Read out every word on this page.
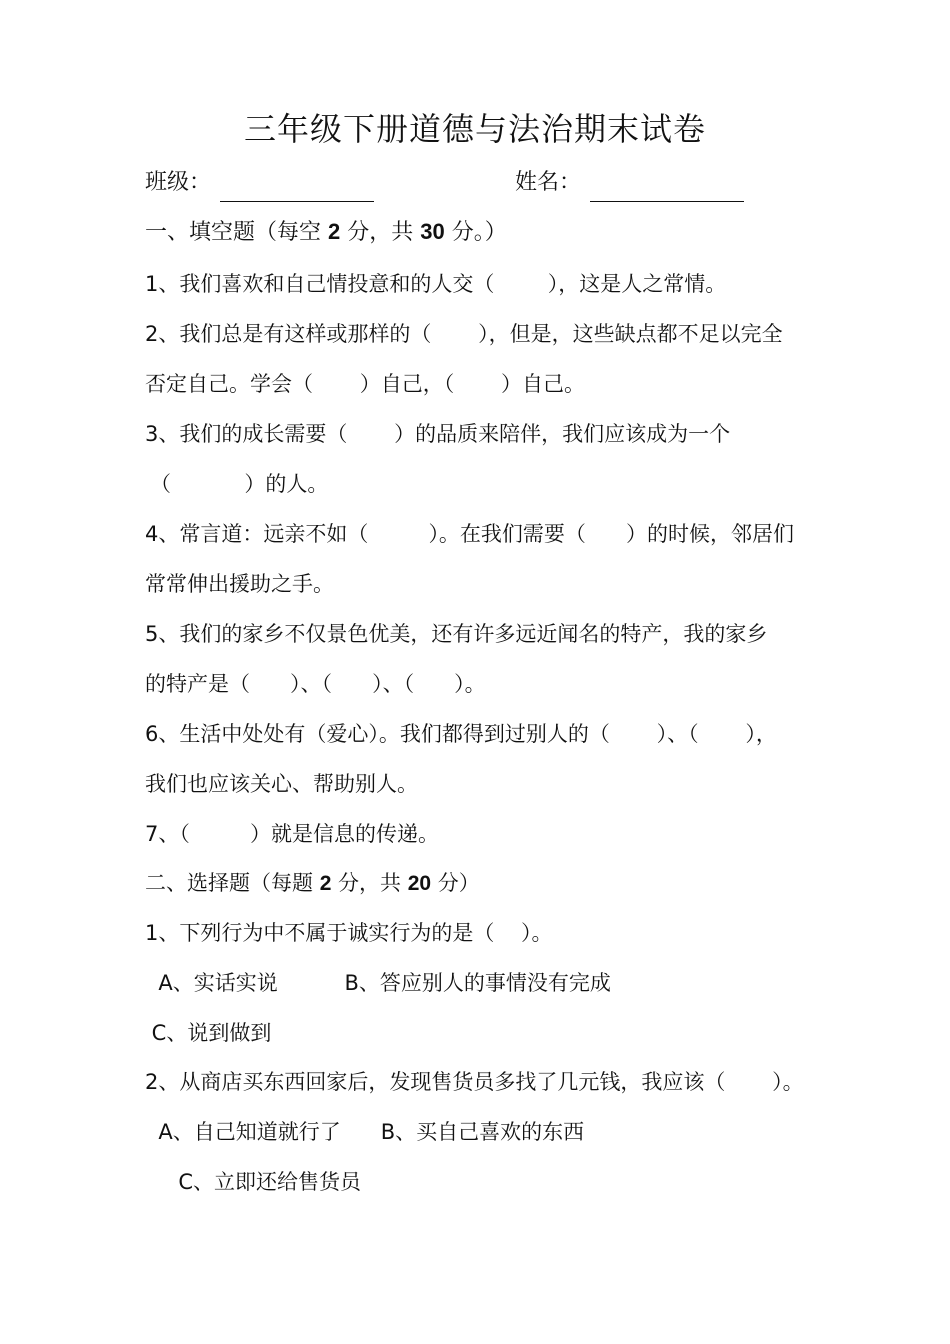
三年级下册道德与法治期末试卷
班级：	姓名：
一、填空题（每空 2 分，共 30 分。）
1、我们喜欢和自己情投意和的人交（        ），这是人之常情。
2、我们总是有这样或那样的（       ），但是，这些缺点都不足以完全
否定自己。学会（       ）自己，（       ）自己。
3、我们的成长需要（       ）的品质来陪伴，我们应该成为一个
（           ）的人。
4、常言道：远亲不如（         ）。在我们需要（      ）的时候，邻居们
常常伸出援助之手。
5、我们的家乡不仅景色优美，还有许多远近闻名的特产，我的家乡
的特产是（      ）、（      ）、（      ）。
6、生活中处处有（爱心）。我们都得到过别人的（       ）、（       ），
我们也应该关心、帮助别人。
7、（         ）就是信息的传递。
二、选择题（每题 2 分，共 20 分）
1、下列行为中不属于诚实行为的是（    ）。
A、实话实说          B、答应别人的事情没有完成
C、说到做到
2、从商店买东西回家后，发现售货员多找了几元钱，我应该（       ）。
A、自己知道就行了      B、买自己喜欢的东西
C、立即还给售货员
